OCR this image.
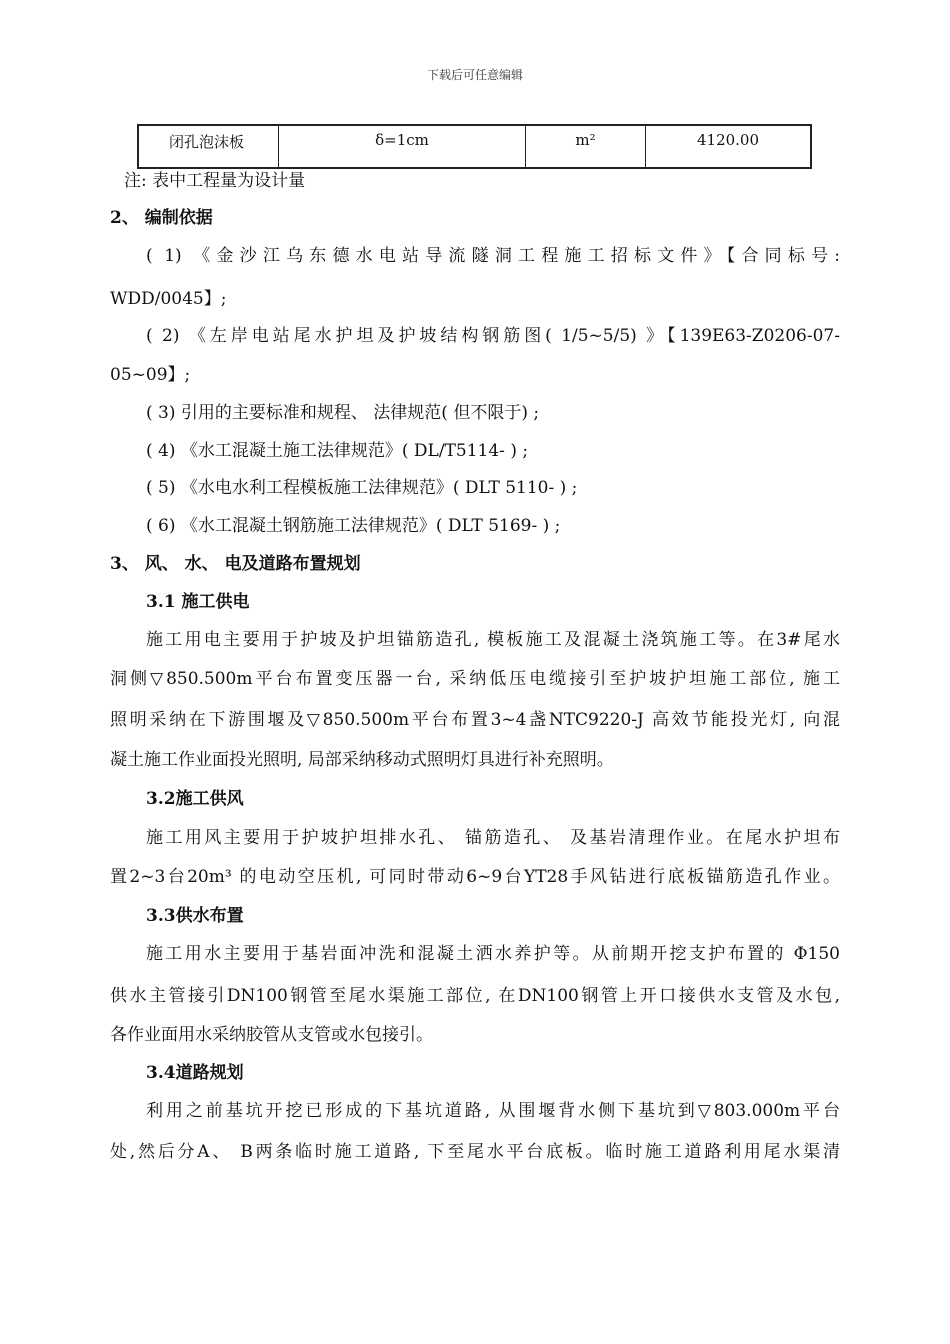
下载后可任意编辑
闭孔泡沫板	δ=1cm	m²	4120.00
注: 表中工程量为设计量
2、 编制依据
( 1) 《金沙江乌东德水电站导流隧洞工程施工招标文件》【合同标号:
WDD/0045】;
( 2) 《左岸电站尾水护坦及护坡结构钢筋图( 1/5~5/5) 》【139E63-Z0206-07-
05~09】;
( 3) 引用的主要标准和规程、 法律规范( 但不限于) ;
( 4) 《水工混凝土施工法律规范》( DL/T5114- ) ;
( 5) 《水电水利工程模板施工法律规范》( DLT 5110- ) ;
( 6) 《水工混凝土钢筋施工法律规范》( DLT 5169- ) ;
3、 风、 水、 电及道路布置规划
3.1 施工供电
施工用电主要用于护坡及护坦锚筋造孔, 模板施工及混凝土浇筑施工等。在3#尾水
洞侧▽850.500m平台布置变压器一台, 采纳低压电缆接引至护坡护坦施工部位, 施工
照明采纳在下游围堰及▽850.500m平台布置3~4盏NTC9220-J 高效节能投光灯, 向混
凝土施工作业面投光照明, 局部采纳移动式照明灯具进行补充照明。
3.2施工供风
施工用风主要用于护坡护坦排水孔、 锚筋造孔、 及基岩清理作业。在尾水护坦布
置2~3台20m³ 的电动空压机, 可同时带动6~9台YT28手风钻进行底板锚筋造孔作业。
3.3供水布置
施工用水主要用于基岩面冲洗和混凝土洒水养护等。从前期开挖支护布置的 Φ150
供水主管接引DN100钢管至尾水渠施工部位, 在DN100钢管上开口接供水支管及水包,
各作业面用水采纳胶管从支管或水包接引。
3.4道路规划
利用之前基坑开挖已形成的下基坑道路, 从围堰背水侧下基坑到▽803.000m平台
处,然后分A、 B两条临时施工道路, 下至尾水平台底板。临时施工道路利用尾水渠清
